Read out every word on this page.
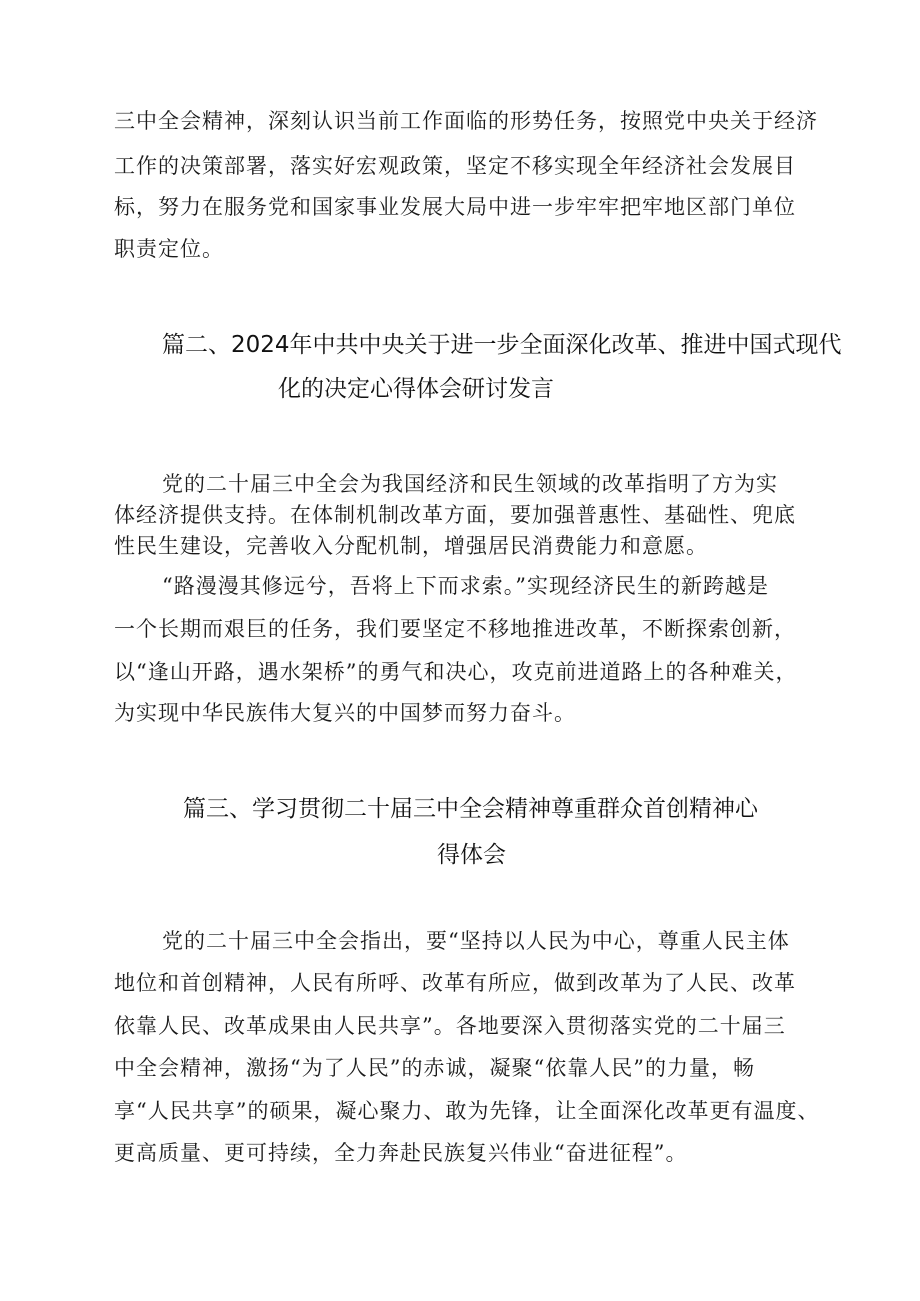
三中全会精神，深刻认识当前工作面临的形势任务，按照党中央关于经济
工作的决策部署，落实好宏观政策，坚定不移实现全年经济社会发展目
标，努力在服务党和国家事业发展大局中进一步牢牢把牢地区部门单位
职责定位。
篇二、2024年中共中央关于进一步全面深化改革、推进中国式现代
化的决定心得体会研讨发言
党的二十届三中全会为我国经济和民生领域的改革指明了方为实
体经济提供支持。在体制机制改革方面，要加强普惠性、基础性、兜底
性民生建设，完善收入分配机制，增强居民消费能力和意愿。
“路漫漫其修远兮，吾将上下而求索。”实现经济民生的新跨越是
一个长期而艰巨的任务，我们要坚定不移地推进改革，不断探索创新，
以“逢山开路，遇水架桥”的勇气和决心，攻克前进道路上的各种难关，
为实现中华民族伟大复兴的中国梦而努力奋斗。
篇三、学习贯彻二十届三中全会精神尊重群众首创精神心
得体会
党的二十届三中全会指出，要“坚持以人民为中心，尊重人民主体
地位和首创精神，人民有所呼、改革有所应，做到改革为了人民、改革
依靠人民、改革成果由人民共享”。各地要深入贯彻落实党的二十届三
中全会精神，激扬“为了人民”的赤诚，凝聚“依靠人民”的力量，畅
享“人民共享”的硕果，凝心聚力、敢为先锋，让全面深化改革更有温度、
更高质量、更可持续，全力奔赴民族复兴伟业“奋进征程”。
